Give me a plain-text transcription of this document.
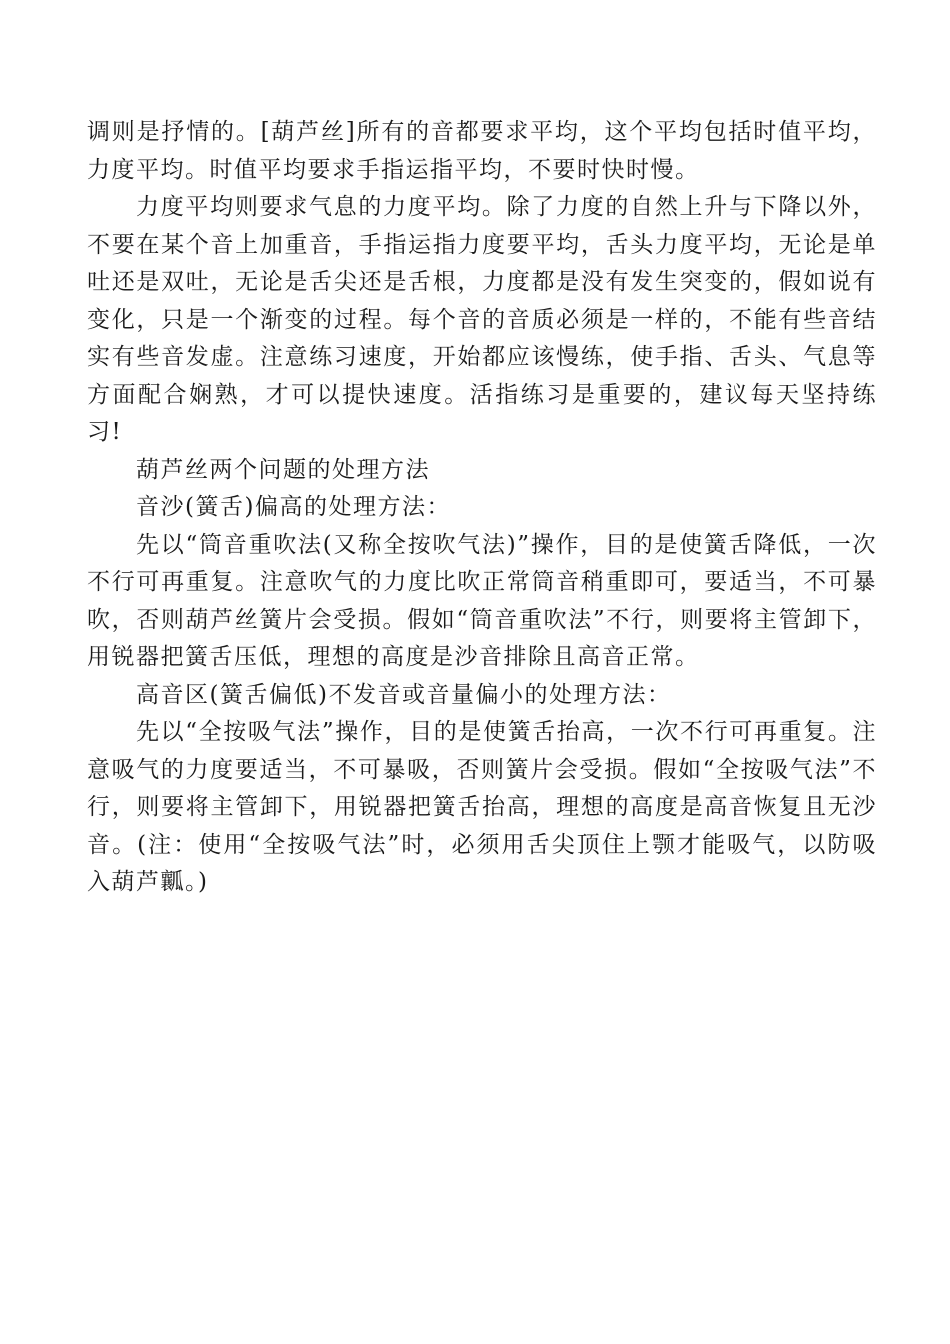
调则是抒情的。[葫芦丝]所有的音都要求平均，这个平均包括时值平均，力度平均。时值平均要求手指运指平均，不要时快时慢。

力度平均则要求气息的力度平均。除了力度的自然上升与下降以外，不要在某个音上加重音，手指运指力度要平均，舌头力度平均，无论是单吐还是双吐，无论是舌尖还是舌根，力度都是没有发生突变的，假如说有变化，只是一个渐变的过程。每个音的音质必须是一样的，不能有些音结实有些音发虚。注意练习速度，开始都应该慢练，使手指、舌头、气息等方面配合娴熟，才可以提快速度。活指练习是重要的，建议每天坚持练习!

葫芦丝两个问题的处理方法

音沙(簧舌)偏高的处理方法：

先以“筒音重吹法(又称全按吹气法)”操作，目的是使簧舌降低，一次不行可再重复。注意吹气的力度比吹正常筒音稍重即可，要适当，不可暴吹，否则葫芦丝簧片会受损。假如“筒音重吹法”不行，则要将主管卸下，用锐器把簧舌压低，理想的高度是沙音排除且高音正常。

高音区(簧舌偏低)不发音或音量偏小的处理方法：

先以“全按吸气法”操作，目的是使簧舌抬高，一次不行可再重复。注意吸气的力度要适当，不可暴吸，否则簧片会受损。假如“全按吸气法”不行，则要将主管卸下，用锐器把簧舌抬高，理想的高度是高音恢复且无沙音。(注：使用“全按吸气法”时，必须用舌尖顶住上颚才能吸气，以防吸入葫芦瓤。)
